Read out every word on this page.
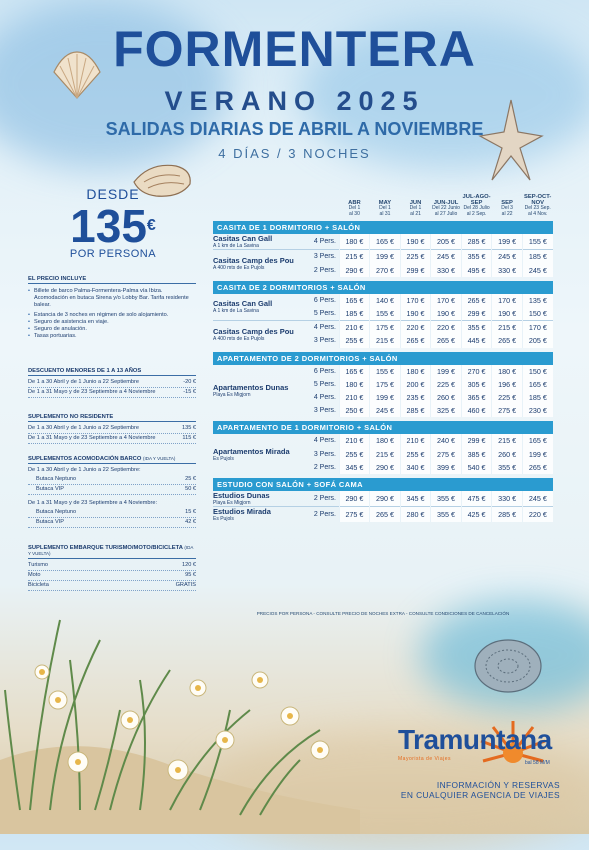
FORMENTERA
VERANO 2025
SALIDAS DIARIAS DE ABRIL A NOVIEMBRE
4 DÍAS / 3 NOCHES
DESDE
135€
POR PERSONA
EL PRECIO INCLUYE
• Billete de barco Palma-Formentera-Palma vía Ibiza. Acomodación en butaca Sirena y/o Lobby Bar. Tarifa residente balear.
• Estancia de 3 noches en régimen de solo alojamiento.
• Seguro de asistencia en viaje.
• Seguro de anulación.
• Tasas portuarias.
DESCUENTO MENORES DE 1 A 13 AÑOS
De 1 a 30 Abril y de 1 Junio a 22 Septiembre	-20 €
De 1 a 31 Mayo y de 23 Septiembre a 4 Noviembre	-15 €
SUPLEMENTO NO RESIDENTE
De 1 a 30 Abril y de 1 Junio a 22 Septiembre	135 €
De 1 a 31 Mayo y de 23 Septiembre a 4 Noviembre	115 €
SUPLEMENTOS ACOMODACIÓN BARCO (IDA Y VUELTA)
De 1 a 30 Abril y de 1 Junio a 22 Septiembre:
Butaca Neptuno	25 €
Butaca VIP	50 €
De 1 a 31 Mayo y de 23 Septiembre a 4 Noviembre:
Butaca Neptuno	15 €
Butaca VIP	42 €
SUPLEMENTO EMBARQUE TURISMO/MOTO/BICICLETA (IDA Y VUELTA)
Turismo	120 €
Moto	95 €
Bicicleta	GRATIS
		ABR
Del 1
al 30	MAY
Del 1
al 31	JUN
Del 1
al 21	JUN-JUL
Del 22 Junio
al 27 Julio	JUL-AGO-SEP
Del 28 Julio
al 2 Sep.	SEP
Del 3
al 22	SEP-OCT-NOV
Del 23 Sep.
al 4 Nov.

CASITA DE 1 DORMITORIO + SALÓN								
Casitas Can Gall
A 1 km de La Savina	4 Pers.	180 €	165 €	190 €	205 €	285 €	199 €	155 €
Casitas Camp des Pou
A 400 mts de Es Pujols	3 Pers.	215 €	199 €	225 €	245 €	355 €	245 €	185 €
	2 Pers.	290 €	270 €	299 €	330 €	495 €	330 €	245 €

CASITA DE 2 DORMITORIOS + SALÓN								
Casitas Can Gall
A 1 km de La Savina	6 Pers.	165 €	140 €	170 €	170 €	265 €	170 €	135 €
	5 Pers.	185 €	155 €	190 €	190 €	299 €	190 €	150 €
Casitas Camp des Pou
A 400 mts de Es Pujols	4 Pers.	210 €	175 €	220 €	220 €	355 €	215 €	170 €
	3 Pers.	255 €	215 €	265 €	265 €	445 €	265 €	205 €

APARTAMENTO DE 2 DORMITORIOS + SALÓN								
Apartamentos Dunas
Playa Es Migjorn	6 Pers.	165 €	155 €	180 €	199 €	270 €	180 €	150 €
	5 Pers.	180 €	175 €	200 €	225 €	305 €	196 €	165 €
	4 Pers.	210 €	199 €	235 €	260 €	365 €	225 €	185 €
	3 Pers.	250 €	245 €	285 €	325 €	460 €	275 €	230 €

APARTAMENTO DE 1 DORMITORIO + SALÓN								
Apartamentos Mirada
Es Pujols	4 Pers.	210 €	180 €	210 €	240 €	299 €	215 €	165 €
	3 Pers.	255 €	215 €	255 €	275 €	385 €	260 €	199 €
	2 Pers.	345 €	290 €	340 €	399 €	540 €	355 €	265 €

ESTUDIO CON SALÓN + SOFÁ CAMA								
Estudios Dunas
Playa Es Migjorn	2 Pers.	290 €	290 €	345 €	355 €	475 €	330 €	245 €
Estudios Mirada
Es Pujols	2 Pers.	275 €	265 €	280 €	355 €	425 €	285 €	220 €
PRECIOS POR PERSONA - CONSULTE PRECIO DE NOCHES EXTRA - CONSULTE CONDICIONES DE CANCELACIÓN
Tramuntana
Mayorista de Viajes
bal 58 M/M
INFORMACIÓN Y RESERVAS
EN CUALQUIER AGENCIA DE VIAJES
